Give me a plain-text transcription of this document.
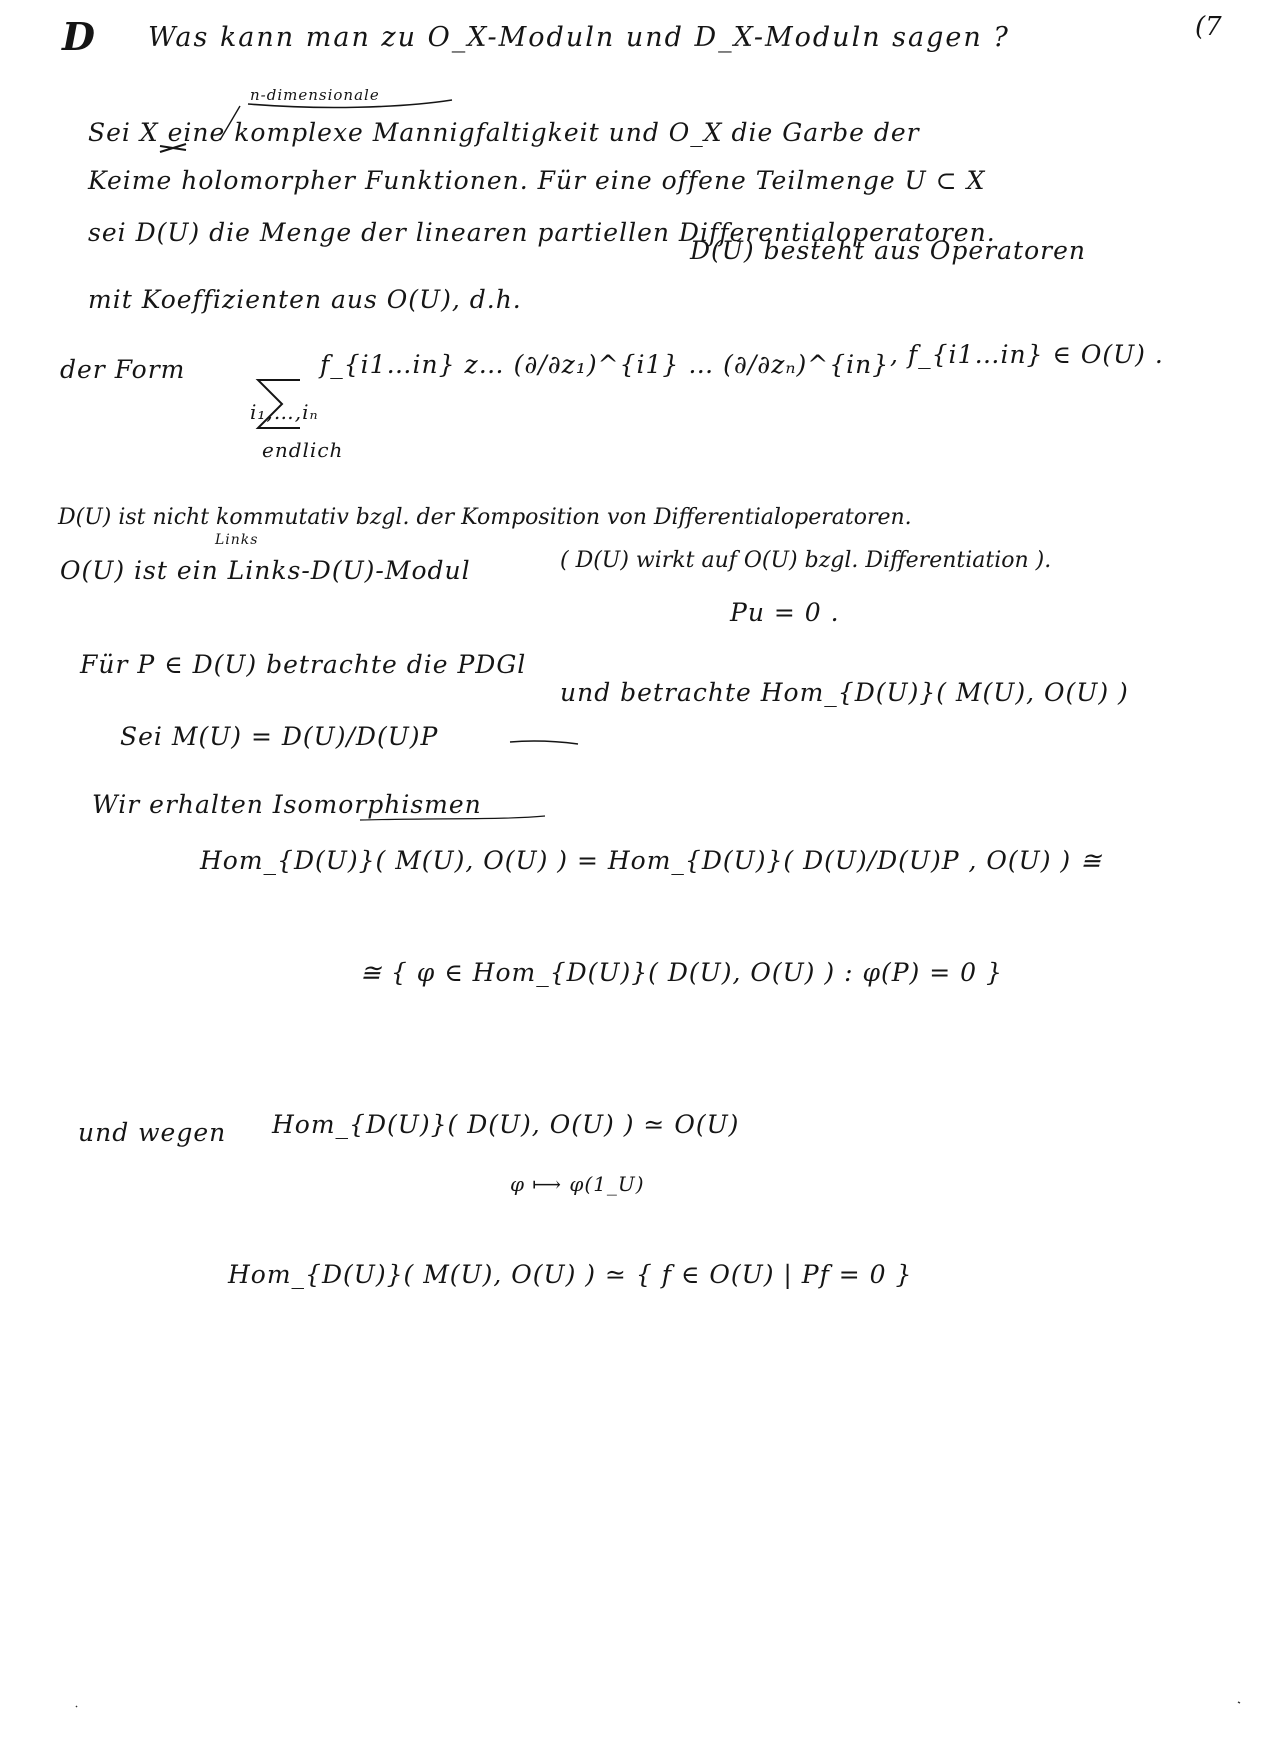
D Was kann man zu O_X-Moduln und D_X-Moduln sagen ?	(7
n-dimensionale
Sei X eine komplexe Mannigfaltigkeit und O_X die Garbe der
Keime holomorpher Funktionen. Für eine offene Teilmenge U ⊂ X
sei D(U) die Menge der linearen partiellen Differentialoperatoren.
mit Koeffizienten aus O(U), d.h.
D(U) besteht aus Operatoren
der Form	f_{i1…in} z… (∂/∂z₁)^{i1} … (∂/∂zₙ)^{in} , f_{i1…in} ∈ O(U) .
i₁,…,iₙ
endlich
D(U) ist nicht kommutativ bzgl. der Komposition von Differentialoperatoren.
( D(U) wirkt auf O(U) bzgl. Differentiation ).
Links
O(U) ist ein Links-D(U)-Modul
Für P ∈ D(U) betrachte die PDGl
Pu = 0 .
Sei M(U) = D(U)/D(U)P
und betrachte Hom_{D(U)}( M(U), O(U) )
Wir erhalten Isomorphismen
Hom_{D(U)}( M(U), O(U) ) = Hom_{D(U)}( D(U)/D(U)P , O(U) ) ≅
≅ { φ ∈ Hom_{D(U)}( D(U), O(U) ) : φ(P) = 0 }
und wegen Hom_{D(U)}( D(U), O(U) ) ≃ O(U)
φ ⟼ φ(1_U)
Hom_{D(U)}( M(U), O(U) ) ≃ { f ∈ O(U) | Pf = 0 }
